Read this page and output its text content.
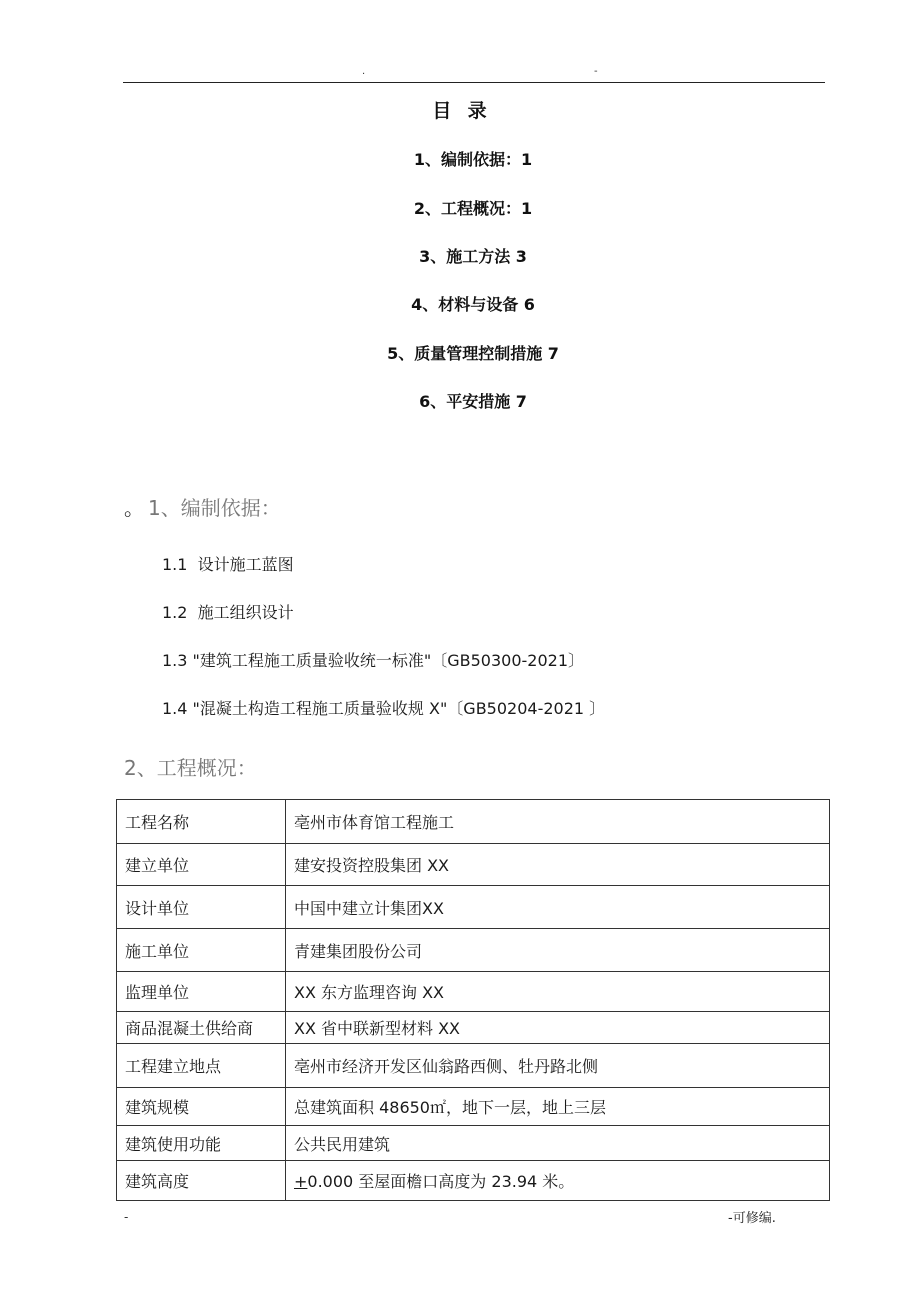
.	-
目  录
1、编制依据：1
2、工程概况：1
3、施工方法 3
4、材料与设备 6
5、质量管理控制措施 7
6、平安措施 7
。 1、编制依据：
1.1  设计施工蓝图
1.2  施工组织设计
1.3 "建筑工程施工质量验收统一标准"〔GB50300-2021〕
1.4 "混凝土构造工程施工质量验收规 X"〔GB50204-2021 〕
2、工程概况：
工程名称	亳州市体育馆工程施工
建立单位	建安投资控股集团 XX
设计单位	中国中建立计集团XX
施工单位	青建集团股份公司
监理单位	XX 东方监理咨询 XX
商品混凝土供给商	XX 省中联新型材料 XX
工程建立地点	亳州市经济开发区仙翁路西侧、牡丹路北侧
建筑规模	总建筑面积 48650㎡，地下一层，地上三层
建筑使用功能	公共民用建筑
建筑高度	+0.000 至屋面檐口高度为 23.94 米。
-	-可修编.
